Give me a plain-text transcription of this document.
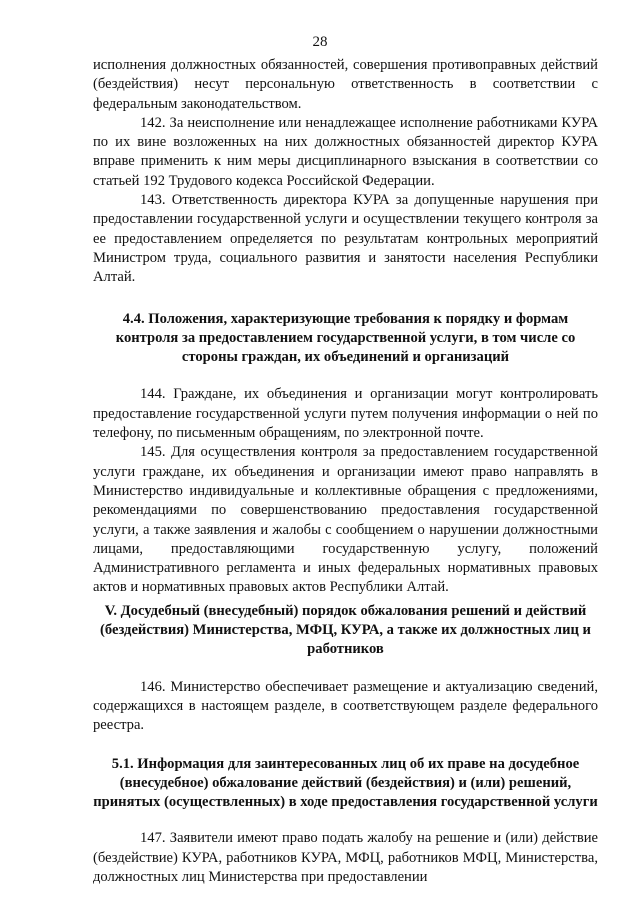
28

исполнения должностных обязанностей, совершения противоправных действий (бездействия) несут персональную ответственность в соответствии с федеральным законодательством.

142. За неисполнение или ненадлежащее исполнение работниками КУРА по их вине возложенных на них должностных обязанностей директор КУРА вправе применить к ним меры дисциплинарного взыскания в соответствии со статьей 192 Трудового кодекса Российской Федерации.

143. Ответственность директора КУРА за допущенные нарушения при предоставлении государственной услуги и осуществлении текущего контроля за ее предоставлением определяется по результатам контрольных мероприятий Министром труда, социального развития и занятости населения Республики Алтай.

4.4. Положения, характеризующие требования к порядку и формам контроля за предоставлением государственной услуги, в том числе со стороны граждан, их объединений и организаций

144. Граждане, их объединения и организации могут контролировать предоставление государственной услуги путем получения информации о ней по телефону, по письменным обращениям, по электронной почте.

145. Для осуществления контроля за предоставлением государственной услуги граждане, их объединения и организации имеют право направлять в Министерство индивидуальные и коллективные обращения с предложениями, рекомендациями по совершенствованию предоставления государственной услуги, а также заявления и жалобы с сообщением о нарушении должностными лицами, предоставляющими государственную услугу, положений Административного регламента и иных федеральных нормативных правовых актов и нормативных правовых актов Республики Алтай.

V. Досудебный (внесудебный) порядок обжалования решений и действий (бездействия) Министерства, МФЦ, КУРА, а также их должностных лиц и работников

146. Министерство обеспечивает размещение и актуализацию сведений, содержащихся в настоящем разделе, в соответствующем разделе федерального реестра.

5.1. Информация для заинтересованных лиц об их праве на досудебное (внесудебное) обжалование действий (бездействия) и (или) решений, принятых (осуществленных) в ходе предоставления государственной услуги

147. Заявители имеют право подать жалобу на решение и (или) действие (бездействие) КУРА, работников КУРА, МФЦ, работников МФЦ, Министерства, должностных лиц Министерства при предоставлении
